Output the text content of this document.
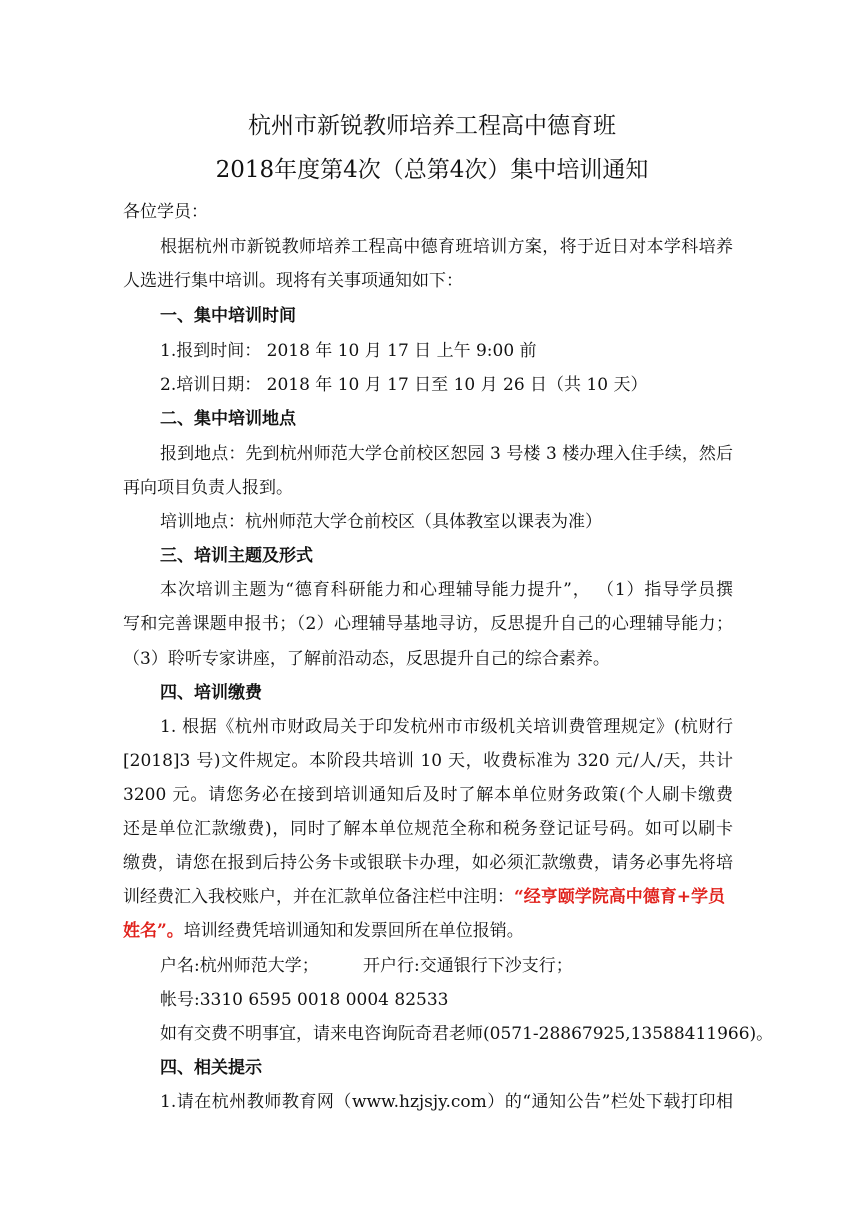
杭州市新锐教师培养工程高中德育班
2018年度第4次（总第4次）集中培训通知
各位学员：
根据杭州市新锐教师培养工程高中德育班培训方案，将于近日对本学科培养
人选进行集中培训。现将有关事项通知如下：
一、集中培训时间
1.报到时间： 2018 年 10 月 17 日 上午 9:00 前
2.培训日期： 2018 年 10 月 17 日至 10 月 26 日（共 10 天）
二、集中培训地点
报到地点：先到杭州师范大学仓前校区恕园 3 号楼 3 楼办理入住手续，然后
再向项目负责人报到。
培训地点：杭州师范大学仓前校区（具体教室以课表为准）
三、培训主题及形式
本次培训主题为“德育科研能力和心理辅导能力提升”， （1）指导学员撰
写和完善课题申报书；（2）心理辅导基地寻访，反思提升自己的心理辅导能力；
（3）聆听专家讲座，了解前沿动态，反思提升自己的综合素养。
四、培训缴费
1. 根据《杭州市财政局关于印发杭州市市级机关培训费管理规定》(杭财行
[2018]3 号)文件规定。本阶段共培训 10 天，收费标准为 320 元/人/天，共计
3200 元。请您务必在接到培训通知后及时了解本单位财务政策(个人刷卡缴费
还是单位汇款缴费)，同时了解本单位规范全称和税务登记证号码。如可以刷卡
缴费，请您在报到后持公务卡或银联卡办理，如必须汇款缴费，请务必事先将培
训经费汇入我校账户，并在汇款单位备注栏中注明：“经亨颐学院高中德育+学员
姓名”。培训经费凭培训通知和发票回所在单位报销。
户名:杭州师范大学；	开户行:交通银行下沙支行；
帐号:3310 6595 0018 0004 82533
如有交费不明事宜，请来电咨询阮奇君老师(0571-28867925,13588411966)。
四、相关提示
1.请在杭州教师教育网（www.hzjsjy.com）的“通知公告”栏处下载打印相
